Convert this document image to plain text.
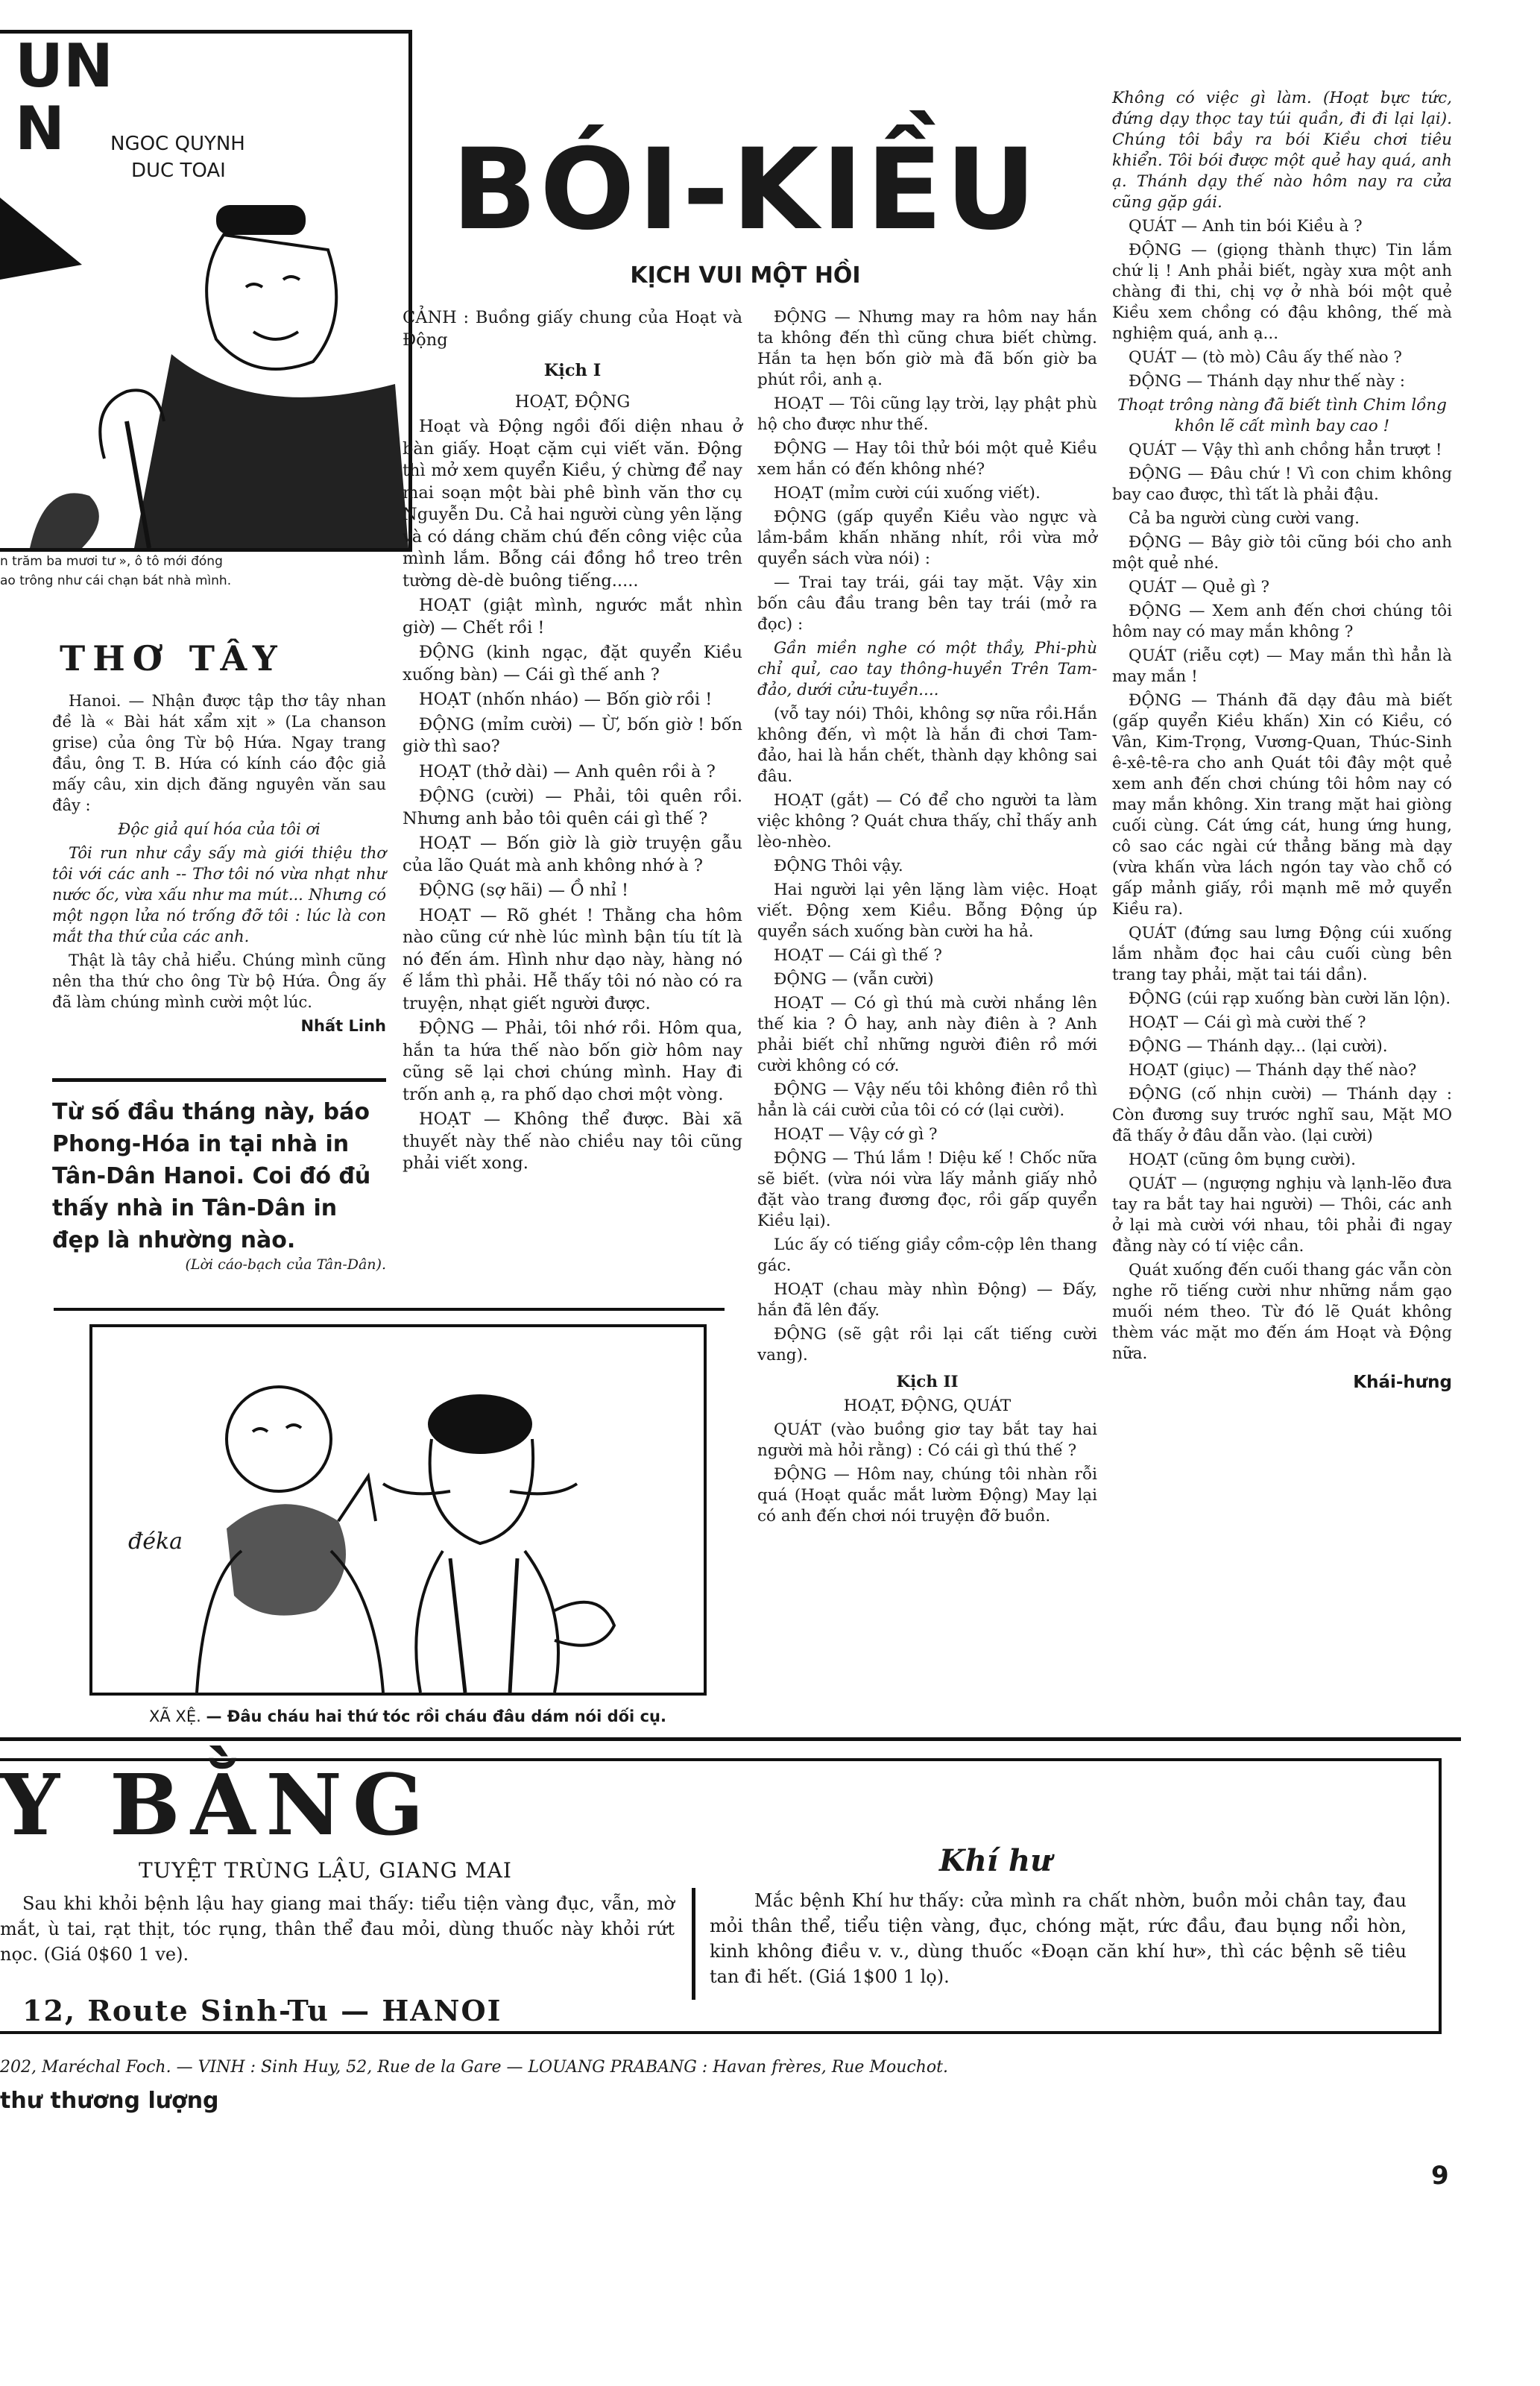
UN
N	NGOC QUYNH
DUC TOAI
n trăm ba mươi tư », ô tô mới đóng
ao trông như cái chạn bát nhà mình.
THƠ TÂY

Hanoi. — Nhận được tập thơ tây nhan đề là « Bài hát xẩm xịt » (La chanson grise) của ông Từ bộ Hứa. Ngay trang đầu, ông T. B. Hứa có kính cáo độc giả mấy câu, xin dịch đăng nguyên văn sau đây :

Độc giả quí hóa của tôi ơi

Tôi run như cầy sấy mà giới thiệu thơ tôi với các anh -- Thơ tôi nó vừa nhạt như nước ốc, vừa xấu như ma mút... Nhưng có một ngọn lửa nó trống đỡ tôi : lúc là con mắt tha thứ của các anh.

Thật là tây chả hiểu. Chúng mình cũng nên tha thứ cho ông Từ bộ Hứa. Ông ấy đã làm chúng mình cười một lúc.

Nhất Linh

Từ số đầu tháng này, báo Phong-Hóa in tại nhà in Tân-Dân Hanoi. Coi đó đủ thấy nhà in Tân-Dân in đẹp là nhường nào.
(Lời cáo-bạch của Tân-Dân).
BÓI-KIỀU
KỊCH VUI MỘT HỒI

CẢNH : Buồng giấy chung của Hoạt và Động

Kịch I

HOẠT, ĐỘNG

Hoạt và Động ngồi đối diện nhau ở bàn giấy. Hoạt cặm cụi viết văn. Động thì mở xem quyển Kiều, ý chừng để nay mai soạn một bài phê bình văn thơ cụ Nguyễn Du. Cả hai người cùng yên lặng và có dáng chăm chú đến công việc của mình lắm. Bỗng cái đồng hồ treo trên tường dè-dè buông tiếng.....

HOẠT (giật mình, ngước mắt nhìn giờ) — Chết rồi !

ĐỘNG (kinh ngạc, đặt quyển Kiều xuống bàn) — Cái gì thế anh ?

HOẠT (nhốn nháo) — Bốn giờ rồi !

ĐỘNG (mỉm cười) — Ừ, bốn giờ ! bốn giờ thì sao?

HOẠT (thở dài) — Anh quên rồi à ?

ĐỘNG (cười) — Phải, tôi quên rồi. Nhưng anh bảo tôi quên cái gì thế ?

HOẠT — Bốn giờ là giờ truyện gẫu của lão Quát mà anh không nhớ à ?

ĐỘNG (sợ hãi) — Ồ nhỉ !

HOẠT — Rõ ghét ! Thằng cha hôm nào cũng cứ nhè lúc mình bận tíu tít là nó đến ám. Hình như dạo này, hàng nó ế lắm thì phải. Hễ thấy tôi nó nào có ra truyện, nhạt giết người được.

ĐỘNG — Phải, tôi nhớ rồi. Hôm qua, hắn ta hứa thế nào bốn giờ hôm nay cũng sẽ lại chơi chúng mình. Hay đi trốn anh ạ, ra phố dạo chơi một vòng.

HOẠT — Không thể được. Bài xã thuyết này thế nào chiều nay tôi cũng phải viết xong.

ĐỘNG — Nhưng may ra hôm nay hắn ta không đến thì cũng chưa biết chừng. Hắn ta hẹn bốn giờ mà đã bốn giờ ba phút rồi, anh ạ.

HOẠT — Tôi cũng lạy trời, lạy phật phù hộ cho được như thế.

ĐỘNG — Hay tôi thử bói một quẻ Kiều xem hắn có đến không nhé?

HOẠT (mỉm cười cúi xuống viết).

ĐỘNG (gấp quyển Kiều vào ngực và lầm-bầm khấn nhăng nhít, rồi vừa mở quyển sách vừa nói) :

— Trai tay trái, gái tay mặt. Vậy xin bốn câu đầu trang bên tay trái (mở ra đọc) :

Gần miền nghe có một thầy, Phi-phù chỉ quỉ, cao tay thông-huyền Trên Tam-đảo, dưới cửu-tuyền....

(vỗ tay nói) Thôi, không sợ nữa rồi.Hắn không đến, vì một là hắn đi chơi Tam-đảo, hai là hắn chết, thành dạy không sai đâu.

HOẠT (gắt) — Có để cho người ta làm việc không ? Quát chưa thấy, chỉ thấy anh lèo-nhèo.

ĐỘNG Thôi vậy.

Hai người lại yên lặng làm việc. Hoạt viết. Động xem Kiều. Bỗng Động úp quyển sách xuống bàn cười ha hả.

HOẠT — Cái gì thế ?

ĐỘNG — (vẫn cười)

HOẠT — Có gì thú mà cười nhắng lên thế kia ? Ô hay, anh này điên à ? Anh phải biết chỉ những người điên rồ mới cười không có cớ.

ĐỘNG — Vậy nếu tôi không điên rồ thì hẳn là cái cười của tôi có cớ (lại cười).

HOẠT — Vậy cớ gì ?

ĐỘNG — Thú lắm ! Diệu kế ! Chốc nữa sẽ biết. (vừa nói vừa lấy mảnh giấy nhỏ đặt vào trang đương đọc, rồi gấp quyển Kiều lại).

Lúc ấy có tiếng giầy cồm-cộp lên thang gác.

HOẠT (chau mày nhìn Động) — Đấy, hắn đã lên đấy.

ĐỘNG (sẽ gật rồi lại cất tiếng cười vang).

Kịch II

HOẠT, ĐỘNG, QUÁT

QUÁT (vào buồng giơ tay bắt tay hai người mà hỏi rằng) : Có cái gì thú thế ?

ĐỘNG — Hôm nay, chúng tôi nhàn rỗi quá (Hoạt quắc mắt lườm Động) May lại có anh đến chơi nói truyện đỡ buồn.

Không có việc gì làm. (Hoạt bực tức, đứng dạy thọc tay túi quần, đi đi lại lại). Chúng tôi bầy ra bói Kiều chơi tiêu khiển. Tôi bói được một quẻ hay quá, anh ạ. Thánh dạy thế nào hôm nay ra cửa cũng gặp gái.

QUÁT — Anh tin bói Kiều à ?

ĐỘNG — (giọng thành thực) Tin lắm chứ lị ! Anh phải biết, ngày xưa một anh chàng đi thi, chị vợ ở nhà bói một quẻ Kiều xem chồng có đậu không, thế mà nghiệm quá, anh ạ...

QUÁT — (tò mò) Câu ấy thế nào ?

ĐỘNG — Thánh dạy như thế này :

Thoạt trông nàng đã biết tình Chim lồng khôn lẽ cất mình bay cao !

QUÁT — Vậy thì anh chồng hẳn trượt !

ĐỘNG — Đâu chứ ! Vì con chim không bay cao được, thì tất là phải đậu.

Cả ba người cùng cười vang.

ĐỘNG — Bây giờ tôi cũng bói cho anh một quẻ nhé.

QUÁT — Quẻ gì ?

ĐỘNG — Xem anh đến chơi chúng tôi hôm nay có may mắn không ?

QUÁT (riễu cợt) — May mắn thì hẳn là may mắn !

ĐỘNG — Thánh đã dạy đâu mà biết (gấp quyển Kiều khấn) Xin có Kiều, có Vân, Kim-Trọng, Vương-Quan, Thúc-Sinh ê-xê-tê-ra cho anh Quát tôi đây một quẻ xem anh đến chơi chúng tôi hôm nay có may mắn không. Xin trang mặt hai giòng cuối cùng. Cát ứng cát, hung ứng hung, cô sao các ngài cứ thẳng băng mà dạy (vừa khấn vừa lách ngón tay vào chỗ có gấp mảnh giấy, rồi mạnh mẽ mở quyển Kiều ra).

QUÁT (đứng sau lưng Động cúi xuống lắm nhằm đọc hai câu cuối cùng bên trang tay phải, mặt tai tái dần).

ĐỘNG (cúi rạp xuống bàn cười lăn lộn).

HOẠT — Cái gì mà cười thế ?

ĐỘNG — Thánh dạy... (lại cười).

HOẠT (giục) — Thánh dạy thế nào?

ĐỘNG (cố nhịn cười) — Thánh dạy : Còn đương suy trước nghĩ sau, Mặt MO đã thấy ở đâu dẫn vào. (lại cười)

HOẠT (cũng ôm bụng cười).

QUÁT — (ngượng nghịu và lạnh-lẽo đưa tay ra bắt tay hai người) — Thôi, các anh ở lại mà cười với nhau, tôi phải đi ngay đằng này có tí việc cần.

Quát xuống đến cuối thang gác vẫn còn nghe rõ tiếng cười như những nắm gạo muối ném theo. Từ đó lẽ Quát không thèm vác mặt mo đến ám Hoạt và Động nữa.

Khái-hưng

đéka
XÃ XỆ. — Đâu cháu hai thứ tóc rồi cháu đâu dám nói dối cụ.
Y BẰNG
TUYỆT TRÙNG LẬU, GIANG MAI
Sau khi khỏi bệnh lậu hay giang mai thấy: tiểu tiện vàng đục, vẫn, mờ mắt, ù tai, rạt thịt, tóc rụng, thân thể đau mỏi, dùng thuốc này khỏi rứt nọc. (Giá 0$60 1 ve).
Khí hư
Mắc bệnh Khí hư thấy: cửa mình ra chất nhờn, buồn mỏi chân tay, đau mỏi thân thể, tiểu tiện vàng, đục, chóng mặt, rức đầu, đau bụng nổi hòn, kinh không điều v. v., dùng thuốc «Đoạn căn khí hư», thì các bệnh sẽ tiêu tan đi hết. (Giá 1$00 1 lọ).
12, Route Sinh-Tu — HANOI
202, Maréchal Foch. — VINH : Sinh Huy, 52, Rue de la Gare — LOUANG PRABANG : Havan frères, Rue Mouchot.
thư thương lượng
9
